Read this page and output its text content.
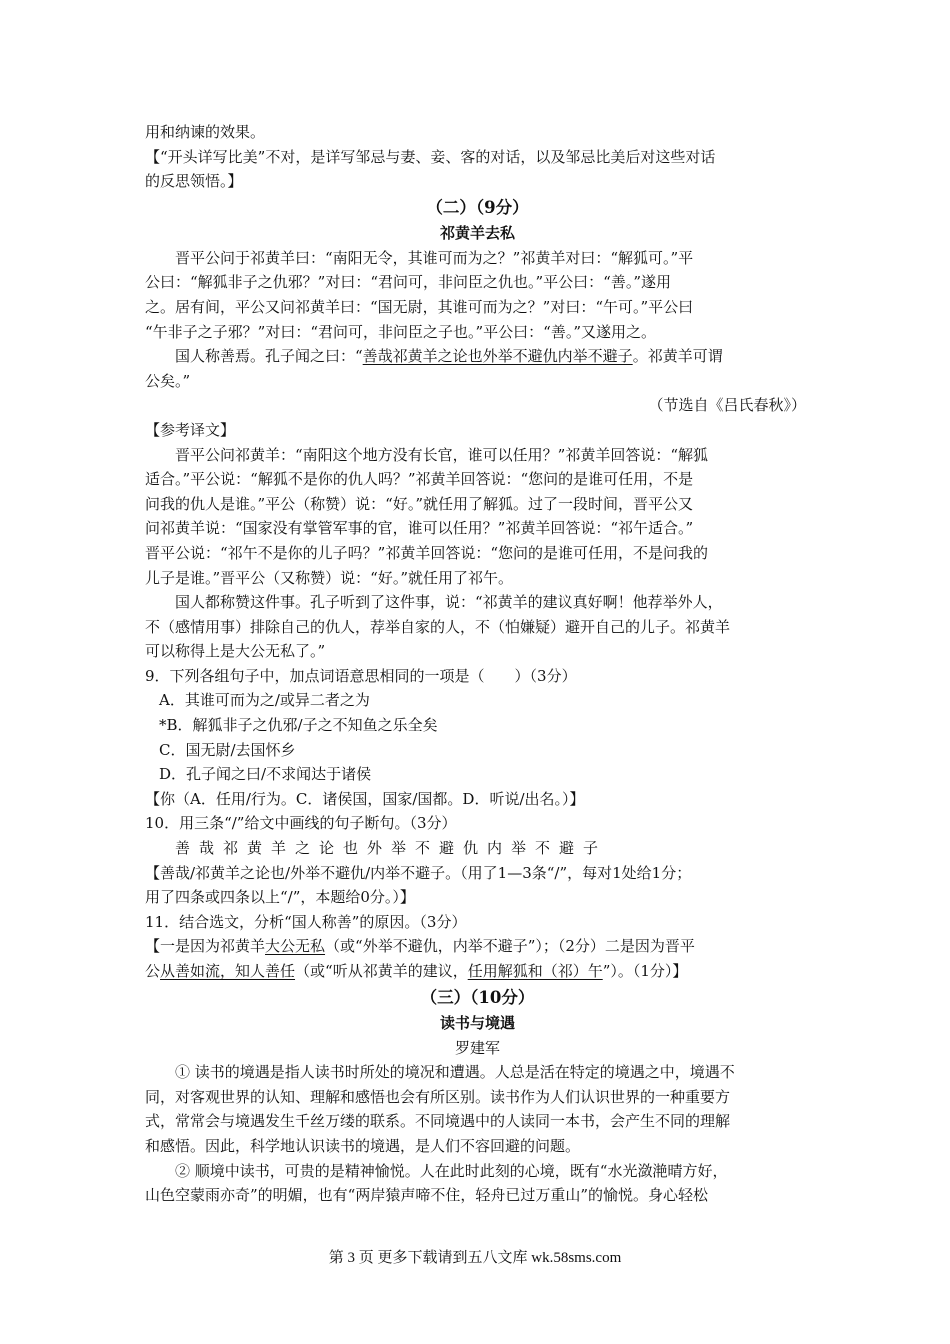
用和纳谏的效果。
【“开头详写比美”不对，是详写邹忌与妻、妾、客的对话，以及邹忌比美后对这些对话
的反思领悟。】
（二）（9分）
祁黄羊去私
晋平公问于祁黄羊曰：“南阳无令，其谁可而为之？”祁黄羊对曰：“解狐可。”平
公曰：“解狐非子之仇邪？”对曰：“君问可，非问臣之仇也。”平公曰：“善。”遂用
之。居有间，平公又问祁黄羊曰：“国无尉，其谁可而为之？”对曰：“午可。”平公曰
“午非子之子邪？”对曰：“君问可，非问臣之子也。”平公曰：“善。”又遂用之。
国人称善焉。孔子闻之曰：“善哉祁黄羊之论也外举不避仇内举不避子。祁黄羊可谓
公矣。”
（节选自《吕氏春秋》）
【参考译文】
晋平公问祁黄羊：“南阳这个地方没有长官，谁可以任用？”祁黄羊回答说：“解狐
适合。”平公说：“解狐不是你的仇人吗？”祁黄羊回答说：“您问的是谁可任用，不是
问我的仇人是谁。”平公（称赞）说：“好。”就任用了解狐。过了一段时间，晋平公又
问祁黄羊说：“国家没有掌管军事的官，谁可以任用？”祁黄羊回答说：“祁午适合。”
晋平公说：“祁午不是你的儿子吗？”祁黄羊回答说：“您问的是谁可任用，不是问我的
儿子是谁。”晋平公（又称赞）说：“好。”就任用了祁午。
国人都称赞这件事。孔子听到了这件事，说：“祁黄羊的建议真好啊！他荐举外人，
不（感情用事）排除自己的仇人，荐举自家的人，不（怕嫌疑）避开自己的儿子。祁黄羊
可以称得上是大公无私了。”
9．下列各组句子中，加点词语意思相同的一项是（　　）（3分）
A．其谁可而为之/或异二者之为
*B．解狐非子之仇邪/子之不知鱼之乐全矣
C．国无尉/去国怀乡
D．孔子闻之曰/不求闻达于诸侯
【你（A．任用/行为。C．诸侯国，国家/国都。D．听说/出名。）】
10．用三条“/”给文中画线的句子断句。（3分）
善哉祁黄羊之论也外举不避仇内举不避子
【善哉/祁黄羊之论也/外举不避仇/内举不避子。（用了1—3条“/”，每对1处给1分；
用了四条或四条以上“/”，本题给0分。）】
11．结合选文，分析“国人称善”的原因。（3分）
【一是因为祁黄羊大公无私（或“外举不避仇，内举不避子”）；（2分）二是因为晋平
公从善如流，知人善任（或“听从祁黄羊的建议，任用解狐和（祁）午”）。（1分）】
（三）（10分）
读书与境遇
罗建军
① 读书的境遇是指人读书时所处的境况和遭遇。人总是活在特定的境遇之中，境遇不
同，对客观世界的认知、理解和感悟也会有所区别。读书作为人们认识世界的一种重要方
式，常常会与境遇发生千丝万缕的联系。不同境遇中的人读同一本书，会产生不同的理解
和感悟。因此，科学地认识读书的境遇，是人们不容回避的问题。
② 顺境中读书，可贵的是精神愉悦。人在此时此刻的心境，既有“水光潋滟晴方好，
山色空蒙雨亦奇”的明媚，也有“两岸猿声啼不住，轻舟已过万重山”的愉悦。身心轻松
第 3 页 更多下载请到五八文库 wk.58sms.com
